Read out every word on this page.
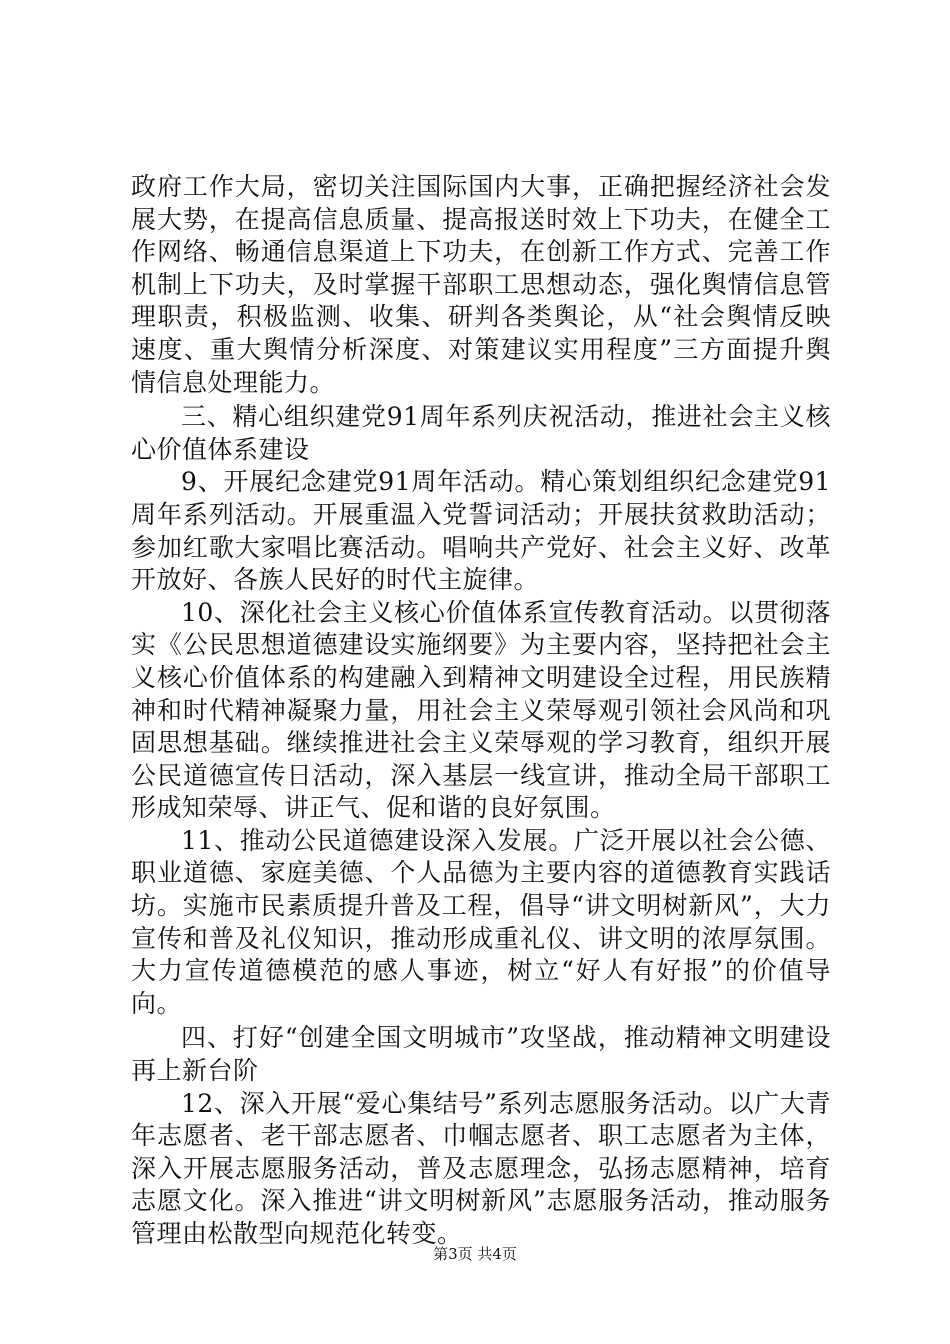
政府工作大局，密切关注国际国内大事，正确把握经济社会发展大势，在提高信息质量、提高报送时效上下功夫，在健全工作网络、畅通信息渠道上下功夫，在创新工作方式、完善工作机制上下功夫，及时掌握干部职工思想动态，强化舆情信息管理职责，积极监测、收集、研判各类舆论，从“社会舆情反映速度、重大舆情分析深度、对策建议实用程度”三方面提升舆情信息处理能力。

三、精心组织建党91周年系列庆祝活动，推进社会主义核心价值体系建设

9、开展纪念建党91周年活动。精心策划组织纪念建党91周年系列活动。开展重温入党誓词活动；开展扶贫救助活动；参加红歌大家唱比赛活动。唱响共产党好、社会主义好、改革开放好、各族人民好的时代主旋律。

10、深化社会主义核心价值体系宣传教育活动。以贯彻落实《公民思想道德建设实施纲要》为主要内容，坚持把社会主义核心价值体系的构建融入到精神文明建设全过程，用民族精神和时代精神凝聚力量，用社会主义荣辱观引领社会风尚和巩固思想基础。继续推进社会主义荣辱观的学习教育，组织开展公民道德宣传日活动，深入基层一线宣讲，推动全局干部职工形成知荣辱、讲正气、促和谐的良好氛围。

11、推动公民道德建设深入发展。广泛开展以社会公德、职业道德、家庭美德、个人品德为主要内容的道德教育实践话坊。实施市民素质提升普及工程，倡导“讲文明树新风”，大力宣传和普及礼仪知识，推动形成重礼仪、讲文明的浓厚氛围。大力宣传道德模范的感人事迹，树立“好人有好报”的价值导向。

四、打好“创建全国文明城市”攻坚战，推动精神文明建设再上新台阶

12、深入开展“爱心集结号”系列志愿服务活动。以广大青年志愿者、老干部志愿者、巾帼志愿者、职工志愿者为主体，深入开展志愿服务活动，普及志愿理念，弘扬志愿精神，培育志愿文化。深入推进“讲文明树新风”志愿服务活动，推动服务管理由松散型向规范化转变。

第3页 共4页
